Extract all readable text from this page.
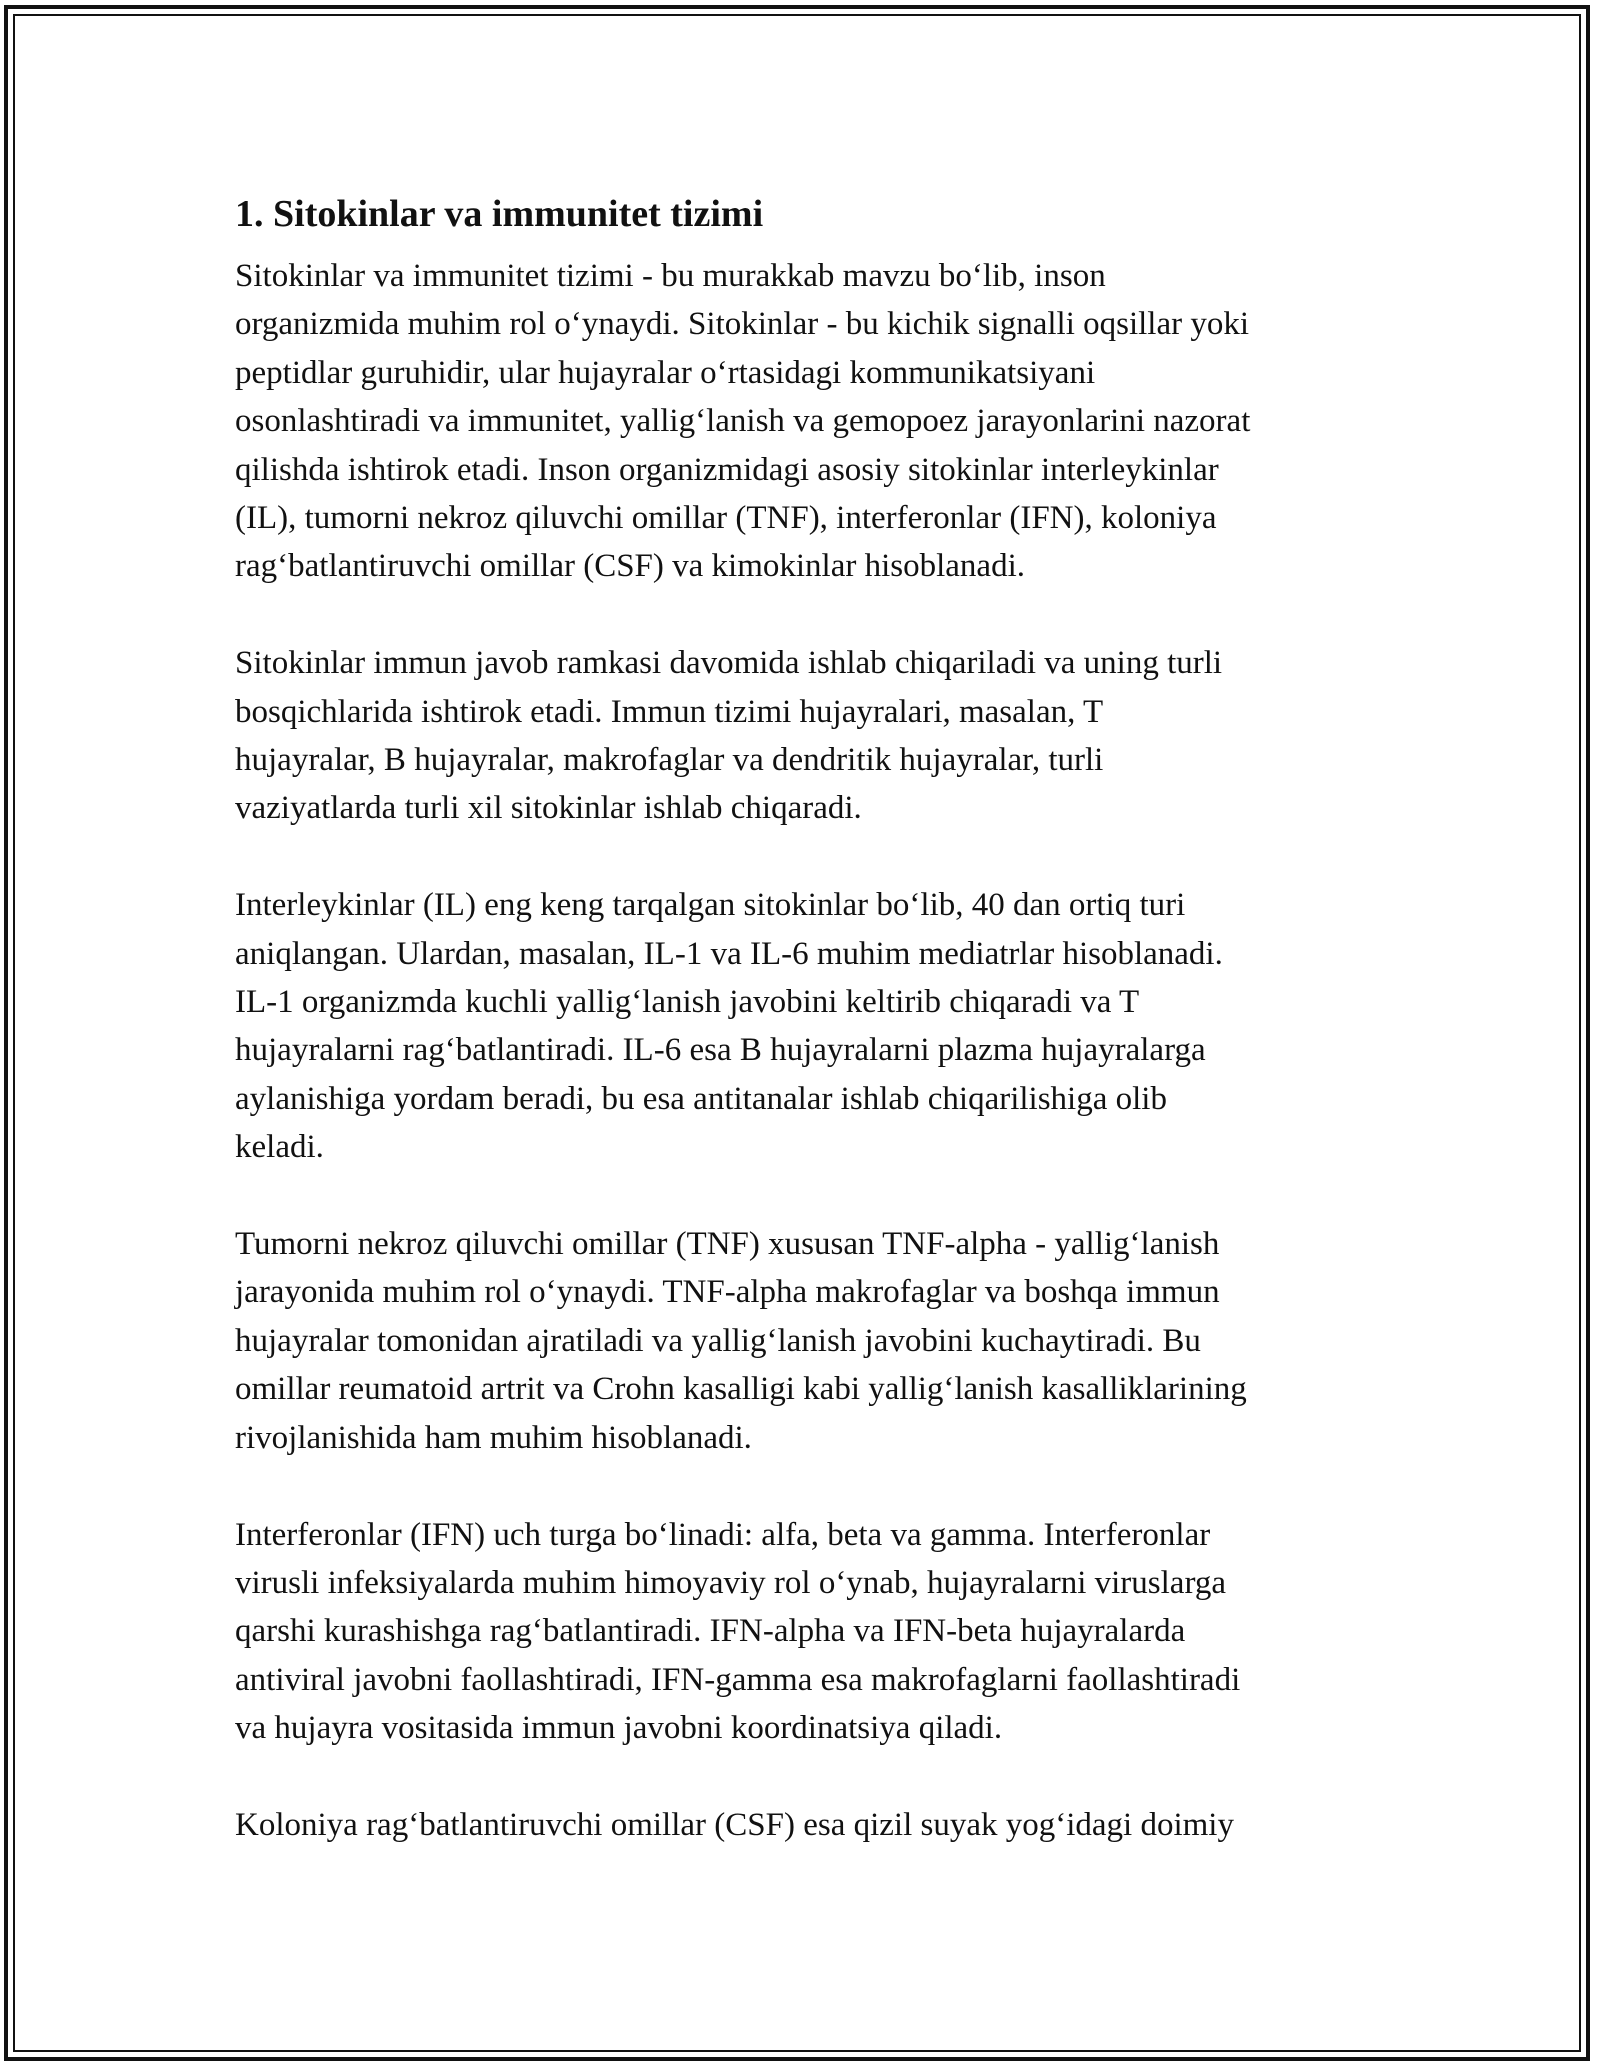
1. Sitokinlar va immunitet tizimi

Sitokinlar va immunitet tizimi - bu murakkab mavzu bo‘lib, inson
organizmida muhim rol o‘ynaydi. Sitokinlar - bu kichik signalli oqsillar yoki
peptidlar guruhidir, ular hujayralar o‘rtasidagi kommunikatsiyani
osonlashtiradi va immunitet, yallig‘lanish va gemopoez jarayonlarini nazorat
qilishda ishtirok etadi. Inson organizmidagi asosiy sitokinlar interleykinlar
(IL), tumorni nekroz qiluvchi omillar (TNF), interferonlar (IFN), koloniya
rag‘batlantiruvchi omillar (CSF) va kimokinlar hisoblanadi.

Sitokinlar immun javob ramkasi davomida ishlab chiqariladi va uning turli
bosqichlarida ishtirok etadi. Immun tizimi hujayralari, masalan, T
hujayralar, B hujayralar, makrofaglar va dendritik hujayralar, turli
vaziyatlarda turli xil sitokinlar ishlab chiqaradi.

Interleykinlar (IL) eng keng tarqalgan sitokinlar bo‘lib, 40 dan ortiq turi
aniqlangan. Ulardan, masalan, IL-1 va IL-6 muhim mediatrlar hisoblanadi.
IL-1 organizmda kuchli yallig‘lanish javobini keltirib chiqaradi va T
hujayralarni rag‘batlantiradi. IL-6 esa B hujayralarni plazma hujayralarga
aylanishiga yordam beradi, bu esa antitanalar ishlab chiqarilishiga olib
keladi.

Tumorni nekroz qiluvchi omillar (TNF) xususan TNF-alpha - yallig‘lanish
jarayonida muhim rol o‘ynaydi. TNF-alpha makrofaglar va boshqa immun
hujayralar tomonidan ajratiladi va yallig‘lanish javobini kuchaytiradi. Bu
omillar reumatoid artrit va Crohn kasalligi kabi yallig‘lanish kasalliklarining
rivojlanishida ham muhim hisoblanadi.

Interferonlar (IFN) uch turga bo‘linadi: alfa, beta va gamma. Interferonlar
virusli infeksiyalarda muhim himoyaviy rol o‘ynab, hujayralarni viruslarga
qarshi kurashishga rag‘batlantiradi. IFN-alpha va IFN-beta hujayralarda
antiviral javobni faollashtiradi, IFN-gamma esa makrofaglarni faollashtiradi
va hujayra vositasida immun javobni koordinatsiya qiladi.

Koloniya rag‘batlantiruvchi omillar (CSF) esa qizil suyak yog‘idagi doimiy
